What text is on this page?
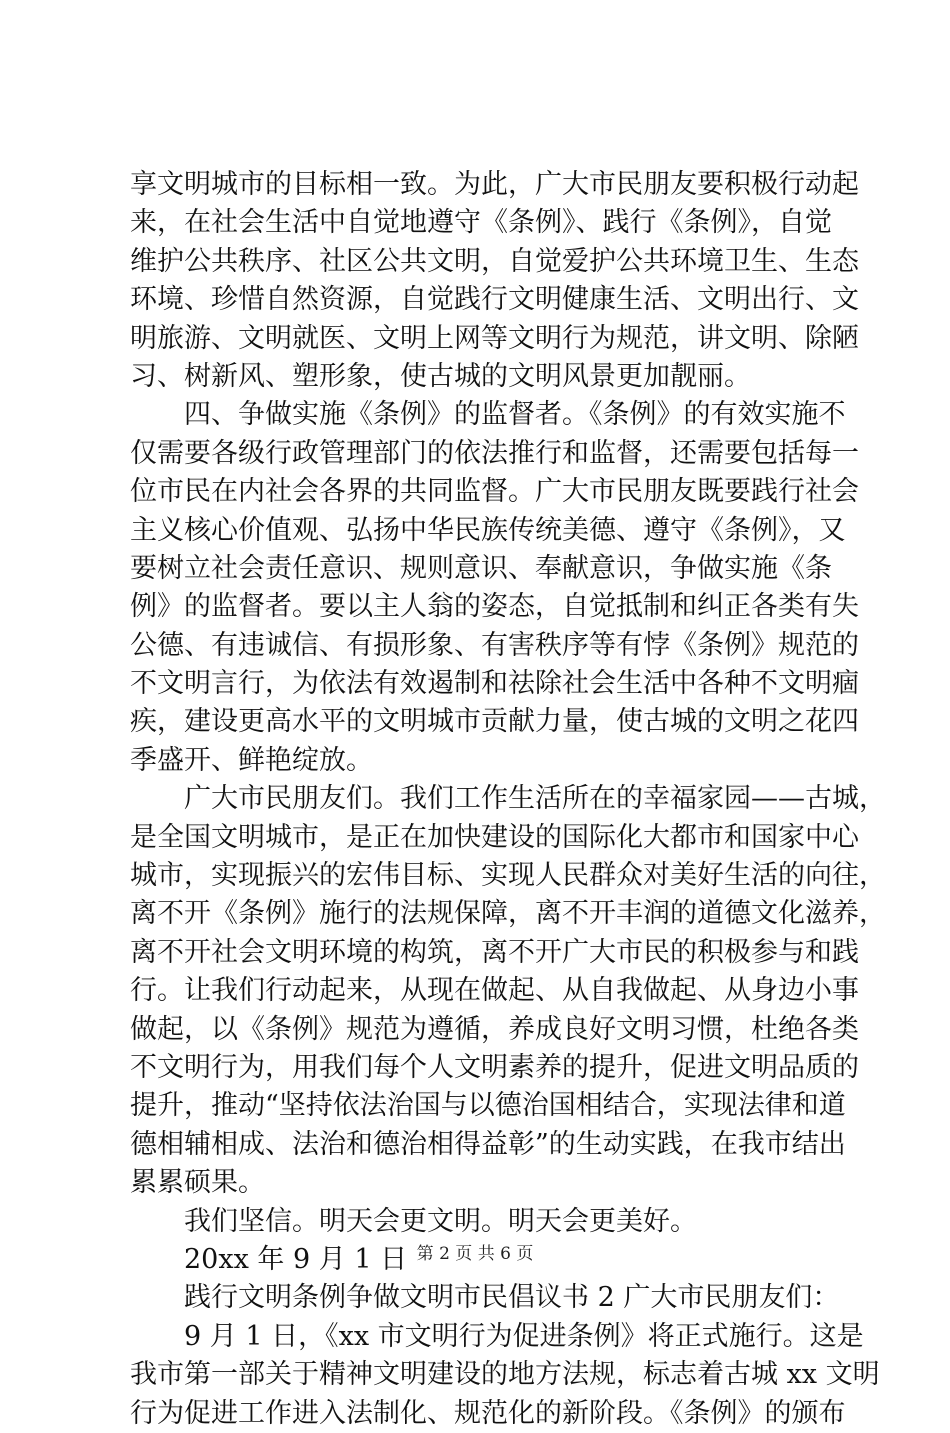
享文明城市的目标相一致。为此，广大市民朋友要积极行动起
来，在社会生活中自觉地遵守《条例》、践行《条例》，自觉
维护公共秩序、社区公共文明，自觉爱护公共环境卫生、生态
环境、珍惜自然资源，自觉践行文明健康生活、文明出行、文
明旅游、文明就医、文明上网等文明行为规范，讲文明、除陋
习、树新风、塑形象，使古城的文明风景更加靓丽。
　　四、争做实施《条例》的监督者。《条例》的有效实施不
仅需要各级行政管理部门的依法推行和监督，还需要包括每一
位市民在内社会各界的共同监督。广大市民朋友既要践行社会
主义核心价值观、弘扬中华民族传统美德、遵守《条例》，又
要树立社会责任意识、规则意识、奉献意识，争做实施《条
例》的监督者。要以主人翁的姿态，自觉抵制和纠正各类有失
公德、有违诚信、有损形象、有害秩序等有悖《条例》规范的
不文明言行，为依法有效遏制和祛除社会生活中各种不文明痼
疾，建设更高水平的文明城市贡献力量，使古城的文明之花四
季盛开、鲜艳绽放。
　　广大市民朋友们。我们工作生活所在的幸福家园——古城，
是全国文明城市，是正在加快建设的国际化大都市和国家中心
城市，实现振兴的宏伟目标、实现人民群众对美好生活的向往，
离不开《条例》施行的法规保障，离不开丰润的道德文化滋养，
离不开社会文明环境的构筑，离不开广大市民的积极参与和践
行。让我们行动起来，从现在做起、从自我做起、从身边小事
做起，以《条例》规范为遵循，养成良好文明习惯，杜绝各类
不文明行为，用我们每个人文明素养的提升，促进文明品质的
提升，推动“坚持依法治国与以德治国相结合，实现法律和道
德相辅相成、法治和德治相得益彰”的生动实践，在我市结出
累累硕果。
　　我们坚信。明天会更文明。明天会更美好。
　　20xx 年 9 月 1 日
　　践行文明条例争做文明市民倡议书 2 广大市民朋友们：
　　9 月 1 日，《xx 市文明行为促进条例》将正式施行。这是
我市第一部关于精神文明建设的地方法规，标志着古城 xx 文明
行为促进工作进入法制化、规范化的新阶段。《条例》的颁布
第 2 页 共 6 页
